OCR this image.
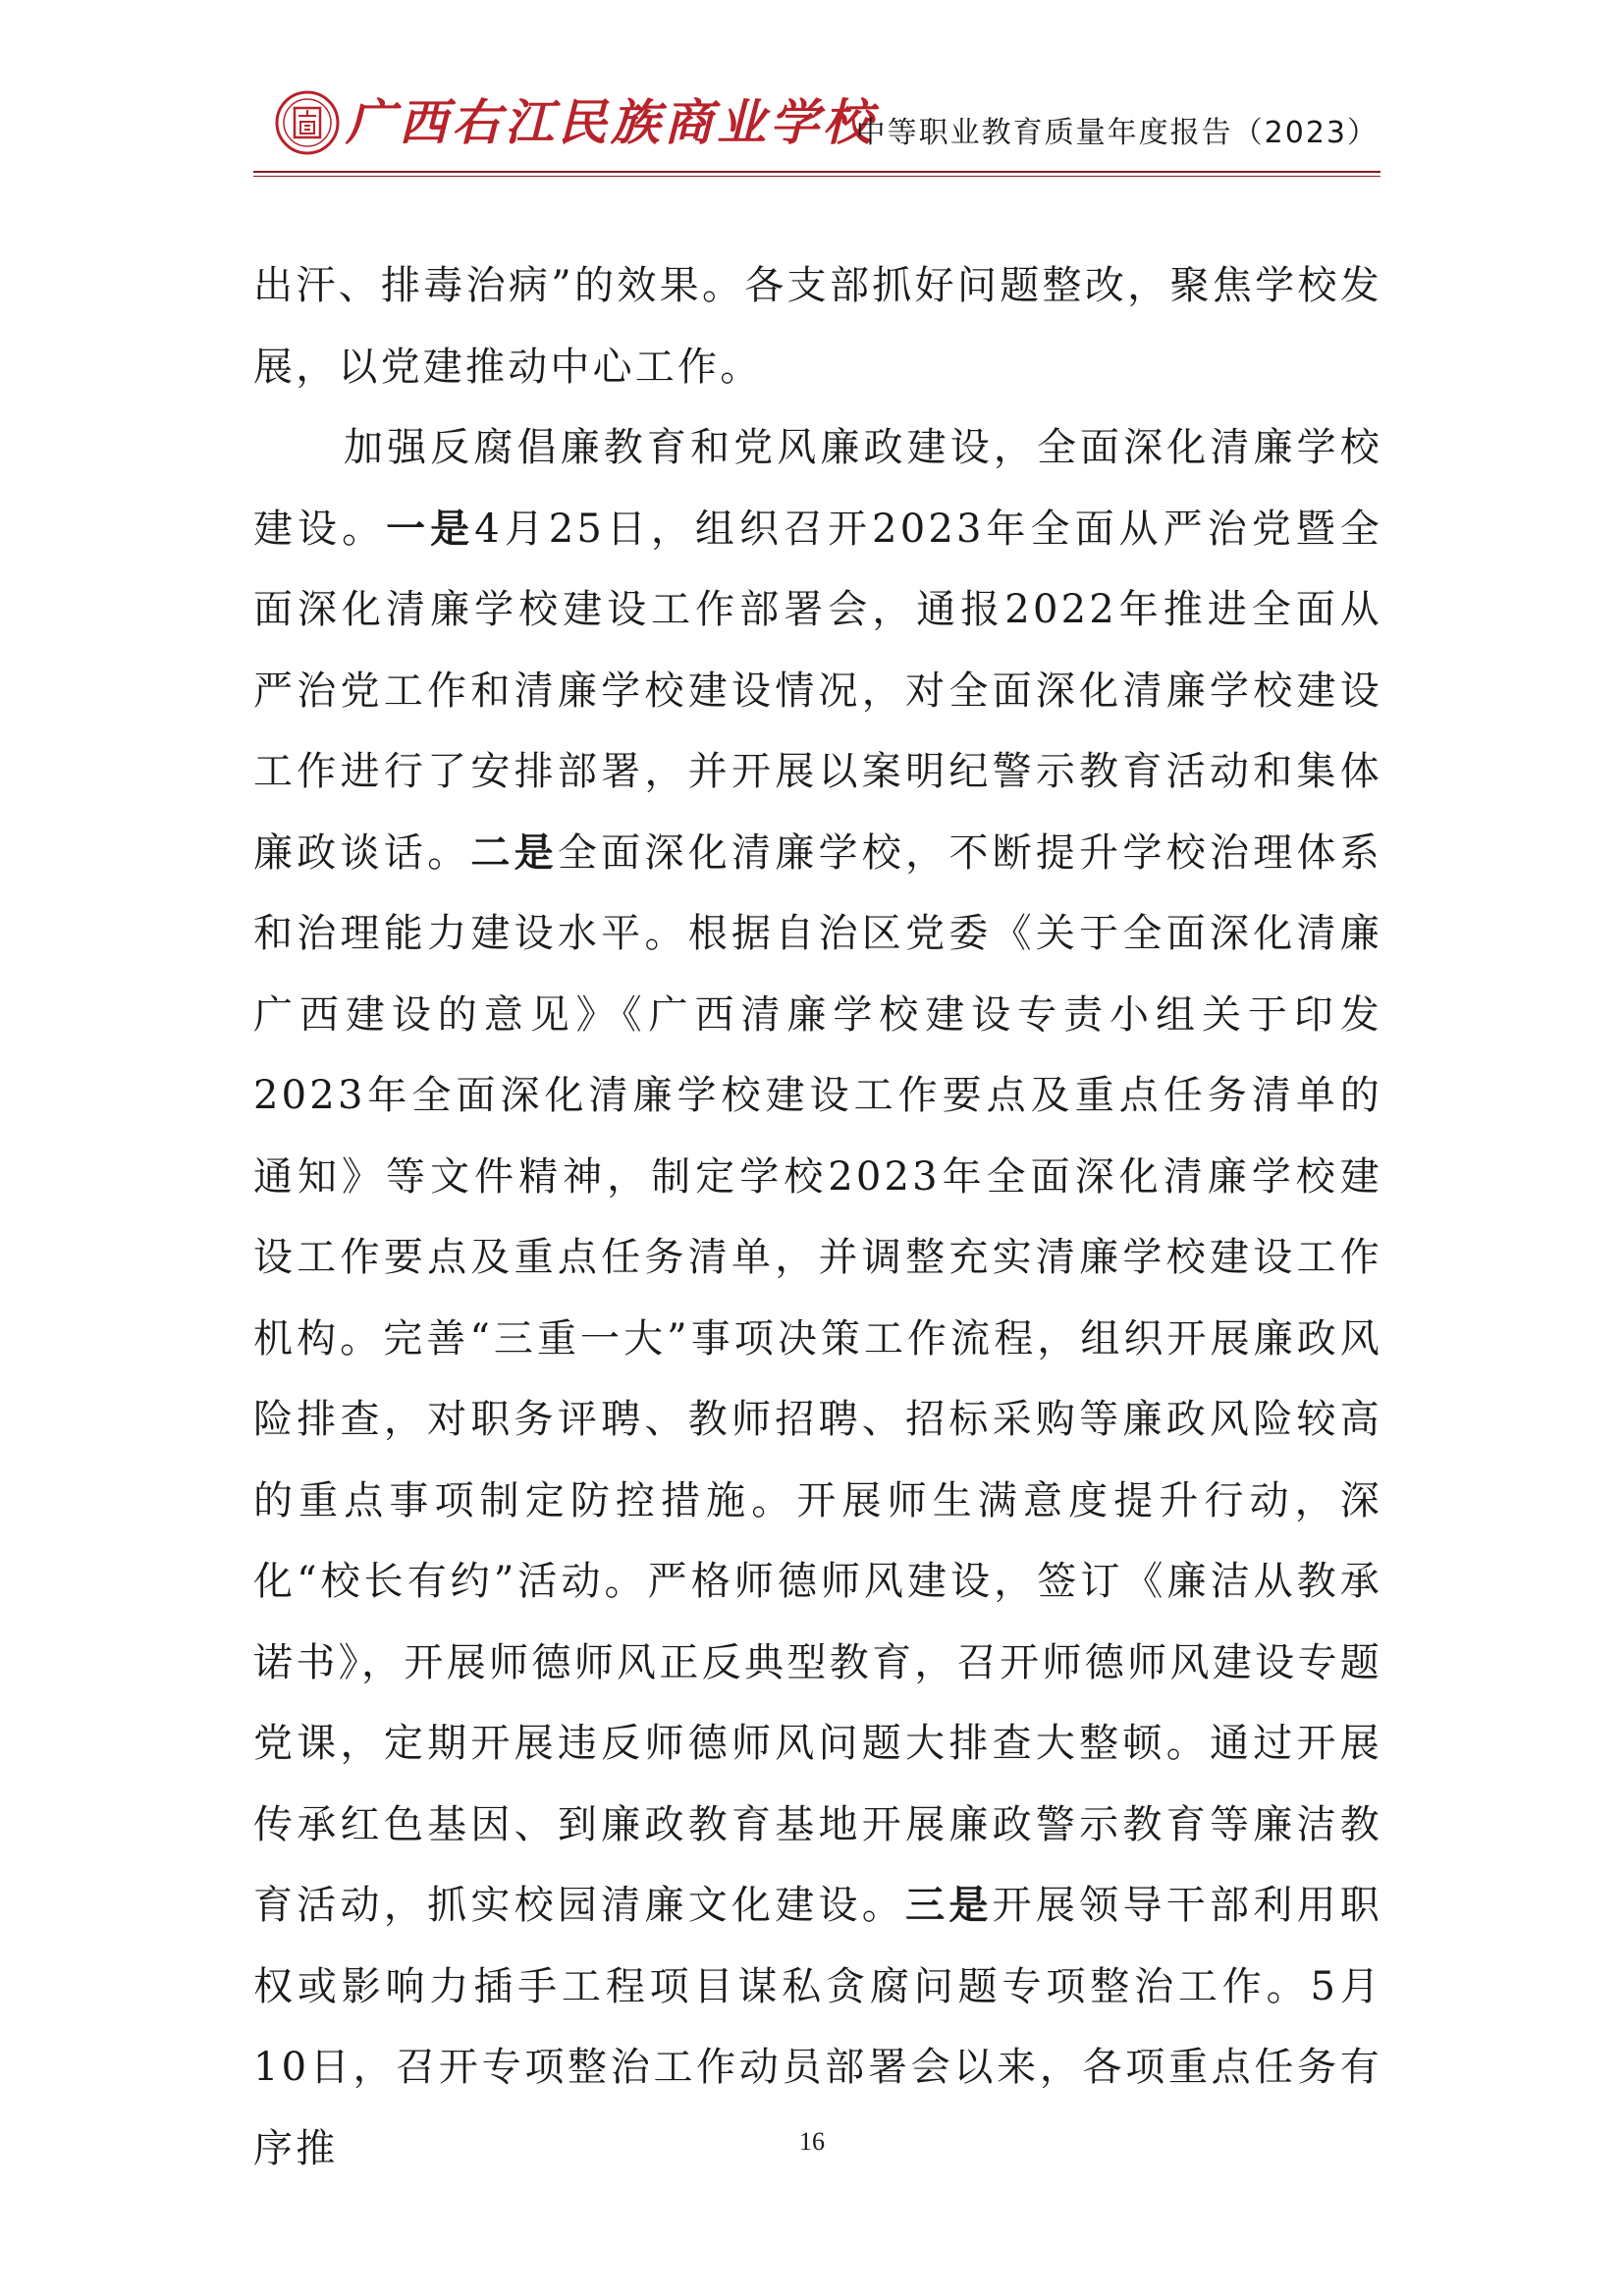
广西右江民族商业学校
中等职业教育质量年度报告（2023）

出汗、排毒治病”的效果。各支部抓好问题整改，聚焦学校发展，以党建推动中心工作。

加强反腐倡廉教育和党风廉政建设，全面深化清廉学校建设。一是4月25日，组织召开2023年全面从严治党暨全面深化清廉学校建设工作部署会，通报2022年推进全面从严治党工作和清廉学校建设情况，对全面深化清廉学校建设工作进行了安排部署，并开展以案明纪警示教育活动和集体廉政谈话。二是全面深化清廉学校，不断提升学校治理体系和治理能力建设水平。根据自治区党委《关于全面深化清廉广西建设的意见》《广西清廉学校建设专责小组关于印发2023年全面深化清廉学校建设工作要点及重点任务清单的通知》等文件精神，制定学校2023年全面深化清廉学校建设工作要点及重点任务清单，并调整充实清廉学校建设工作机构。完善“三重一大”事项决策工作流程，组织开展廉政风险排查，对职务评聘、教师招聘、招标采购等廉政风险较高的重点事项制定防控措施。开展师生满意度提升行动，深化“校长有约”活动。严格师德师风建设，签订《廉洁从教承诺书》，开展师德师风正反典型教育，召开师德师风建设专题党课，定期开展违反师德师风问题大排查大整顿。通过开展传承红色基因、到廉政教育基地开展廉政警示教育等廉洁教育活动，抓实校园清廉文化建设。三是开展领导干部利用职权或影响力插手工程项目谋私贪腐问题专项整治工作。5月10日，召开专项整治工作动员部署会以来，各项重点任务有序推	16
